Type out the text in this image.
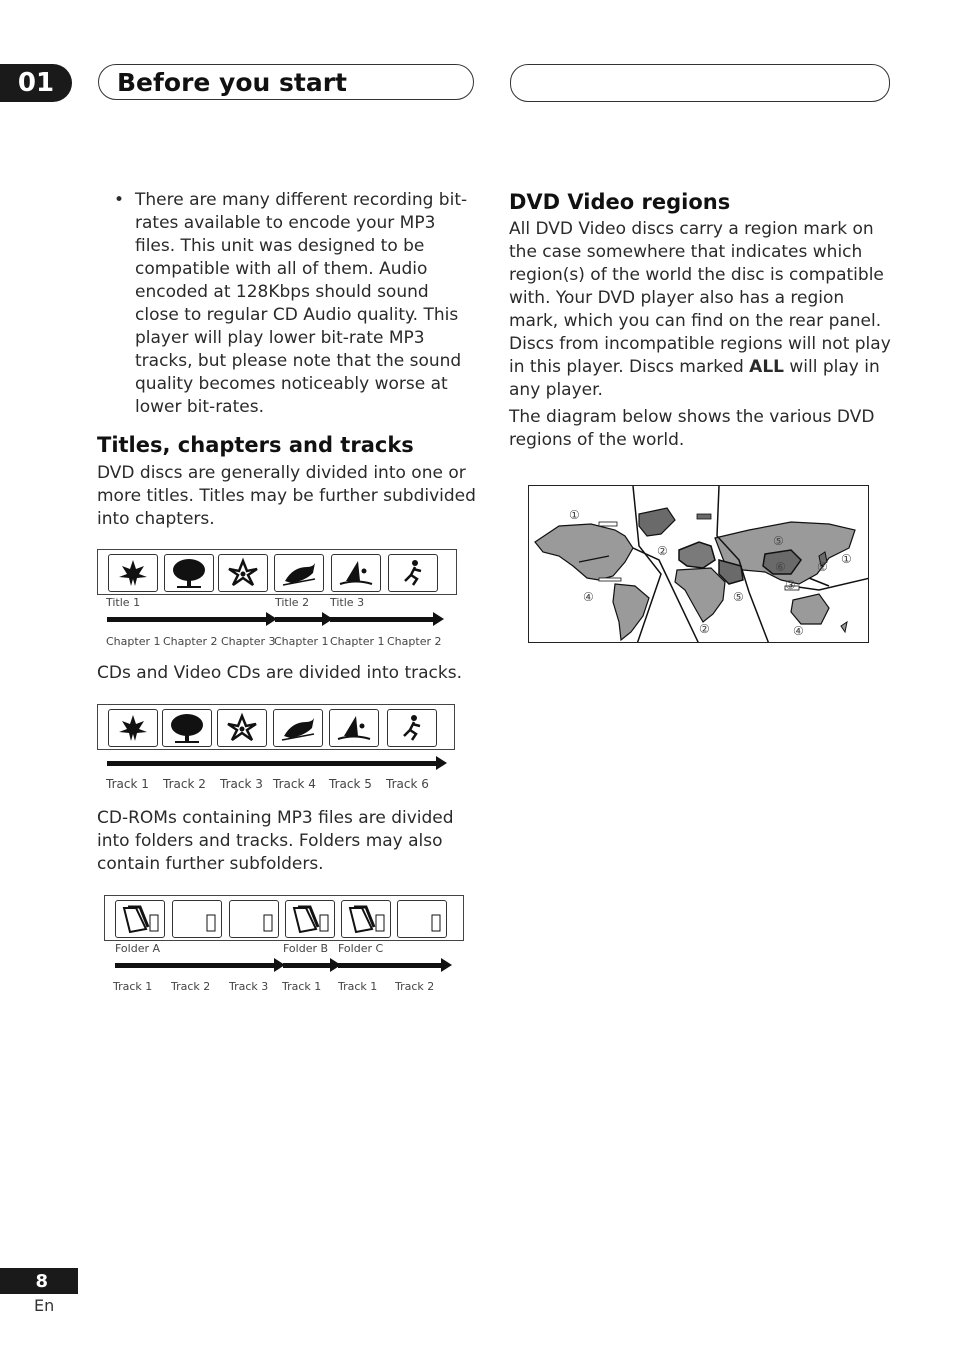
01	Before you start
• There are many different recording bit-rates available to encode your MP3 files. This unit was designed to be compatible with all of them. Audio encoded at 128Kbps should sound close to regular CD Audio quality. This player will play lower bit-rate MP3 tracks, but please note that the sound quality becomes noticeably worse at lower bit-rates.
Titles, chapters and tracks
DVD discs are generally divided into one or more titles. Titles may be further subdivided into chapters.
Title 1	Title 2 Title 3
Chapter 1 Chapter 2 Chapter 3
Chapter 1 Chapter 1 Chapter 2
CDs and Video CDs are divided into tracks.
Track 1 Track 2 Track 3 Track 4 Track 5 Track 6
CD-ROMs containing MP3 files are divided into folders and tracks. Folders may also contain further subfolders.
Folder A	Folder B Folder C
Track 1 Track 2 Track 3 Track 1 Track 1 Track 2
DVD Video regions
All DVD Video discs carry a region mark on the case somewhere that indicates which region(s) of the world the disc is compatible with. Your DVD player also has a region mark, which you can find on the rear panel. Discs from incompatible regions will not play in this player. Discs marked ALL will play in any player.
The diagram below shows the various DVD regions of the world.
①
②
④	⑤
⑥
③
②
①
⑤
②	④
8
En
